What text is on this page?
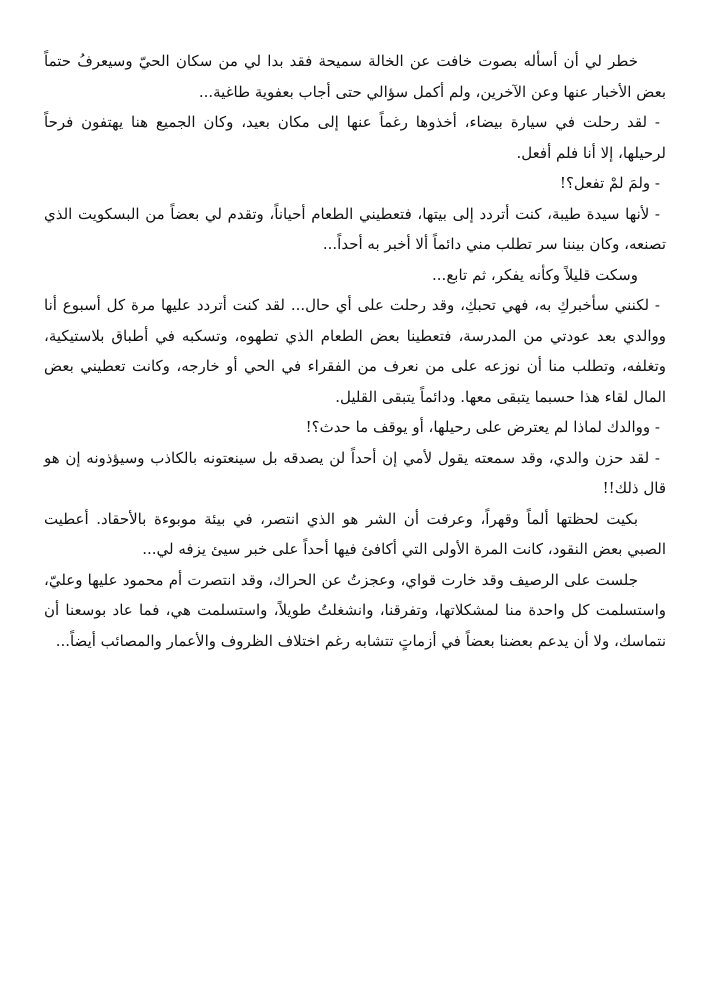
خطر لي أن أسأله بصوت خافت عن الخالة سميحة فقد بدا لي من سكان الحيّ وسيعرفُ حتماً بعض الأخبار عنها وعن الآخرين، ولم أكمل سؤالي حتى أجاب بعفوية طاغية...

- لقد رحلت في سيارة بيضاء، أخذوها رغماً عنها إلى مكان بعيد، وكان الجميع هنا يهتفون فرحاً لرحيلها، إلا أنا فلم أفعل.

- ولمَ لمْ تفعل؟!

- لأنها سيدة طيبة، كنت أتردد إلى بيتها، فتعطيني الطعام أحياناً، وتقدم لي بعضاً من البسكويت الذي تصنعه، وكان بيننا سر تطلب مني دائماً ألا أخبر به أحداً...

وسكت قليلاً وكأنه يفكر، ثم تابع...

- لكنني سأخبركِ به، فهي تحبكِ، وقد رحلت على أي حال... لقد كنت أتردد عليها مرة كل أسبوع أنا ووالدي بعد عودتي من المدرسة، فتعطينا بعض الطعام الذي تطهوه، وتسكبه في أطباق بلاستيكية، وتغلفه، وتطلب منا أن نوزعه على من نعرف من الفقراء في الحي أو خارجه، وكانت تعطيني بعض المال لقاء هذا حسبما يتبقى معها. ودائماً يتبقى القليل.

- ووالدك لماذا لم يعترض على رحيلها، أو يوقف ما حدث؟!

- لقد حزن والدي، وقد سمعته يقول لأمي إن أحداً لن يصدقه بل سينعتونه بالكاذب وسيؤذونه إن هو قال ذلك!!

بكيت لحظتها ألماً وقهراً، وعرفت أن الشر هو الذي انتصر، في بيئة موبوءة بالأحقاد. أعطيت الصبي بعض النقود، كانت المرة الأولى التي أكافئ فيها أحداً على خبر سيئ يزفه لي...

جلست على الرصيف وقد خارت قواي، وعجزتُ عن الحراك، وقد انتصرت أم محمود عليها وعليّ، واستسلمت كل واحدة منا لمشكلاتها، وتفرقنا، وانشغلتُ طويلاً، واستسلمت هي، فما عاد بوسعنا أن نتماسك، ولا أن يدعم بعضنا بعضاً في أزماتٍ تتشابه رغم اختلاف الظروف والأعمار والمصائب أيضاً...
